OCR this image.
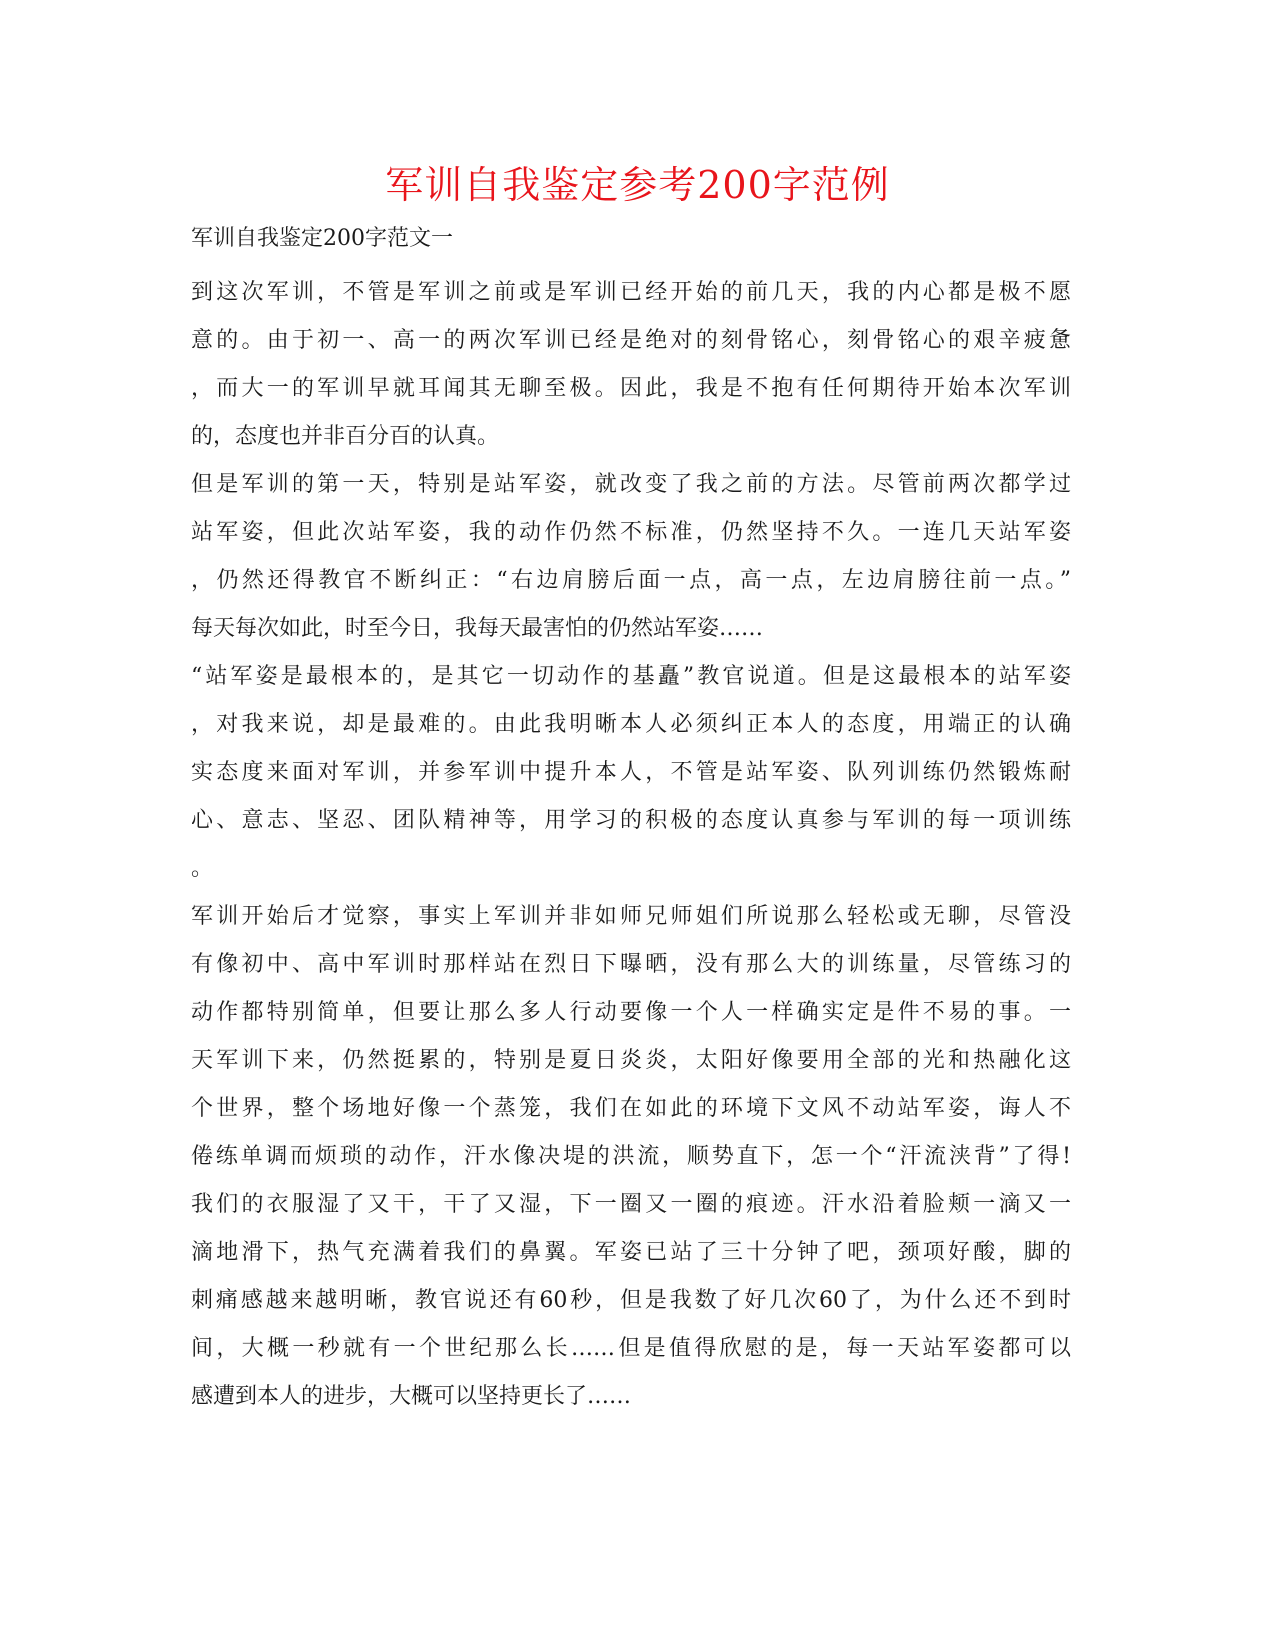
军训自我鉴定参考200字范例

军训自我鉴定200字范文一

到这次军训，不管是军训之前或是军训已经开始的前几天，我的内心都是极不愿

意的。由于初一、高一的两次军训已经是绝对的刻骨铭心，刻骨铭心的艰辛疲惫

，而大一的军训早就耳闻其无聊至极。因此，我是不抱有任何期待开始本次军训

的，态度也并非百分百的认真。

但是军训的第一天，特别是站军姿，就改变了我之前的方法。尽管前两次都学过

站军姿，但此次站军姿，我的动作仍然不标准，仍然坚持不久。一连几天站军姿

，仍然还得教官不断纠正：“右边肩膀后面一点，高一点，左边肩膀往前一点。”

每天每次如此，时至今日，我每天最害怕的仍然站军姿……

“站军姿是最根本的，是其它一切动作的基矗”教官说道。但是这最根本的站军姿

，对我来说，却是最难的。由此我明晰本人必须纠正本人的态度，用端正的认确

实态度来面对军训，并参军训中提升本人，不管是站军姿、队列训练仍然锻炼耐

心、意志、坚忍、团队精神等，用学习的积极的态度认真参与军训的每一项训练

。

军训开始后才觉察，事实上军训并非如师兄师姐们所说那么轻松或无聊，尽管没

有像初中、高中军训时那样站在烈日下曝晒，没有那么大的训练量，尽管练习的

动作都特别简单，但要让那么多人行动要像一个人一样确实定是件不易的事。一

天军训下来，仍然挺累的，特别是夏日炎炎，太阳好像要用全部的光和热融化这

个世界，整个场地好像一个蒸笼，我们在如此的环境下文风不动站军姿，诲人不

倦练单调而烦琐的动作，汗水像决堤的洪流，顺势直下，怎一个“汗流浃背”了得!

我们的衣服湿了又干，干了又湿，下一圈又一圈的痕迹。汗水沿着脸颊一滴又一

滴地滑下，热气充满着我们的鼻翼。军姿已站了三十分钟了吧，颈项好酸，脚的

刺痛感越来越明晰，教官说还有60秒，但是我数了好几次60了，为什么还不到时

间，大概一秒就有一个世纪那么长……但是值得欣慰的是，每一天站军姿都可以

感遭到本人的进步，大概可以坚持更长了……
